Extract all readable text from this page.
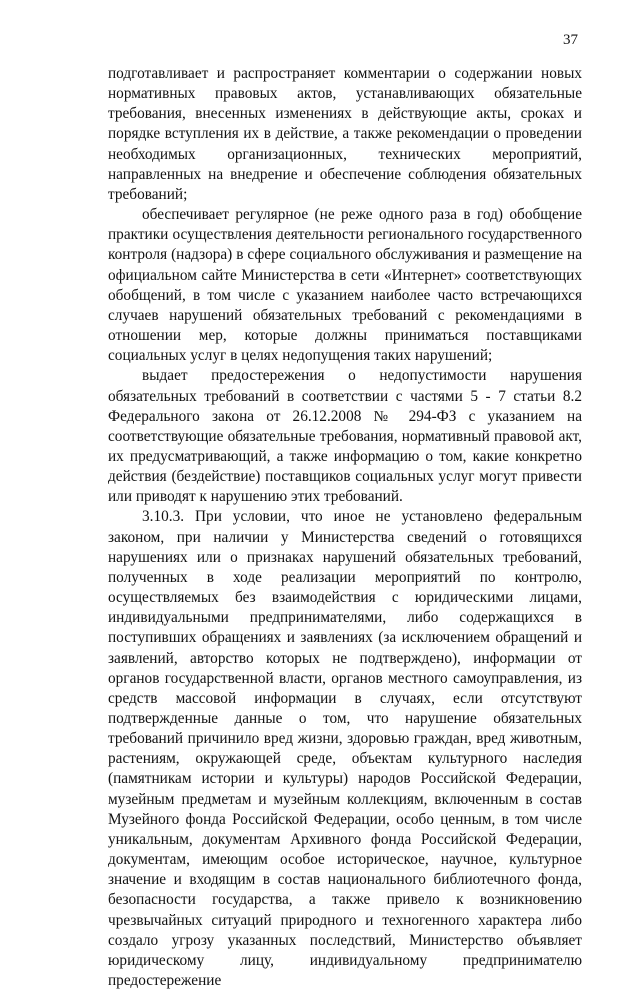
37

подготавливает и распространяет комментарии о содержании новых нормативных правовых актов, устанавливающих обязательные требования, внесенных изменениях в действующие акты, сроках и порядке вступления их в действие, а также рекомендации о проведении необходимых организационных, технических мероприятий, направленных на внедрение и обеспечение соблюдения обязательных требований;

обеспечивает регулярное (не реже одного раза в год) обобщение практики осуществления деятельности регионального государственного контроля (надзора) в сфере социального обслуживания и размещение на официальном сайте Министерства в сети «Интернет» соответствующих обобщений, в том числе с указанием наиболее часто встречающихся случаев нарушений обязательных требований с рекомендациями в отношении мер, которые должны приниматься поставщиками социальных услуг в целях недопущения таких нарушений;

выдает предостережения о недопустимости нарушения обязательных требований в соответствии с частями 5 - 7 статьи 8.2 Федерального закона от 26.12.2008 № 294-ФЗ с указанием на соответствующие обязательные требования, нормативный правовой акт, их предусматривающий, а также информацию о том, какие конкретно действия (бездействие) поставщиков социальных услуг могут привести или приводят к нарушению этих требований.

3.10.3. При условии, что иное не установлено федеральным законом, при наличии у Министерства сведений о готовящихся нарушениях или о признаках нарушений обязательных требований, полученных в ходе реализации мероприятий по контролю, осуществляемых без взаимодействия с юридическими лицами, индивидуальными предпринимателями, либо содержащихся в поступивших обращениях и заявлениях (за исключением обращений и заявлений, авторство которых не подтверждено), информации от органов государственной власти, органов местного самоуправления, из средств массовой информации в случаях, если отсутствуют подтвержденные данные о том, что нарушение обязательных требований причинило вред жизни, здоровью граждан, вред животным, растениям, окружающей среде, объектам культурного наследия (памятникам истории и культуры) народов Российской Федерации, музейным предметам и музейным коллекциям, включенным в состав Музейного фонда Российской Федерации, особо ценным, в том числе уникальным, документам Архивного фонда Российской Федерации, документам, имеющим особое историческое, научное, культурное значение и входящим в состав национального библиотечного фонда, безопасности государства, а также привело к возникновению чрезвычайных ситуаций природного и техногенного характера либо создало угрозу указанных последствий, Министерство объявляет юридическому лицу, индивидуальному предпринимателю предостережение
